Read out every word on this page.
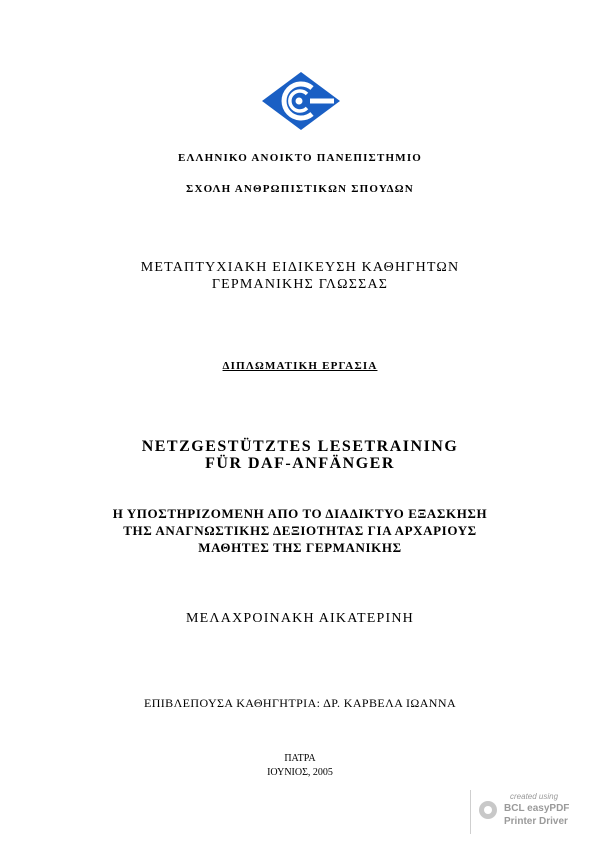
ΕΛΛΗΝΙΚΟ ΑΝΟΙΚΤΟ ΠΑΝΕΠΙΣΤΗΜΙΟ
ΣΧΟΛΗ ΑΝΘΡΩΠΙΣΤΙΚΩΝ ΣΠΟΥΔΩΝ
ΜΕΤΑΠΤΥΧΙΑΚΗ ΕΙΔΙΚΕΥΣΗ ΚΑΘΗΓΗΤΩΝ
ΓΕΡΜΑΝΙΚΗΣ ΓΛΩΣΣΑΣ
ΔΙΠΛΩΜΑΤΙΚΗ ΕΡΓΑΣΙΑ
NETZGESTÜTZTES LESETRAINING
FÜR DAF-ANFÄNGER
Η ΥΠΟΣΤΗΡΙΖΟΜΕΝΗ ΑΠΟ ΤΟ ΔΙΑΔΙΚΤΥΟ ΕΞΑΣΚΗΣΗ
ΤΗΣ ΑΝΑΓΝΩΣΤΙΚΗΣ ΔΕΞΙΟΤΗΤΑΣ ΓΙΑ ΑΡΧΑΡΙΟΥΣ
ΜΑΘΗΤΕΣ ΤΗΣ ΓΕΡΜΑΝΙΚΗΣ
ΜΕΛΑΧΡΟΙΝΑΚΗ ΑΙΚΑΤΕΡΙΝΗ
ΕΠΙΒΛΕΠΟΥΣΑ ΚΑΘΗΓΗΤΡΙΑ: ΔΡ. ΚΑΡΒΕΛΑ ΙΩΑΝΝΑ
ΠΑΤΡΑ
ΙΟΥΝΙΟΣ, 2005
created using
BCL easyPDF
Printer Driver
